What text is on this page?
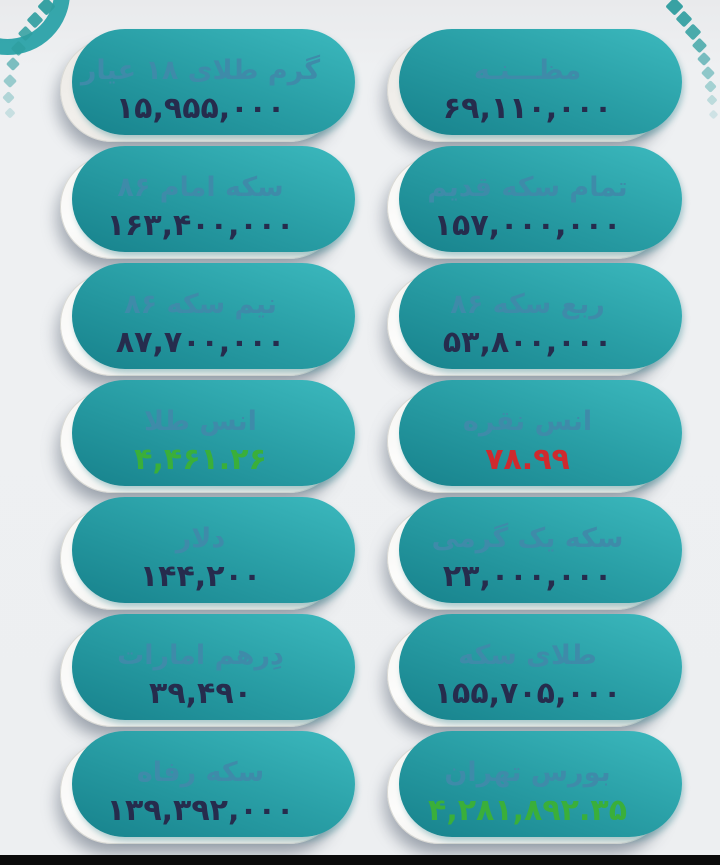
مظـــنـه
۶۹,۱۱۰,۰۰۰
گرم طلای ۱۸ عیار
۱۵,۹۵۵,۰۰۰
تمام سکه قدیم
۱۵۷,۰۰۰,۰۰۰
سکه امام ۸۶
۱۶۳,۴۰۰,۰۰۰
ربع سکه ۸۶
۵۳,۸۰۰,۰۰۰
نیم سکه ۸۶
۸۷,۷۰۰,۰۰۰
انس نقره
۷۸.۹۹
انس طلا
۴,۴۶۱.۲۶
سکه یک گرمی
۲۳,۰۰۰,۰۰۰
دلار
۱۴۴,۲۰۰
طلای سکه
۱۵۵,۷۰۵,۰۰۰
دِرهم امارات
۳۹,۴۹۰
بورس تهران
۴,۲۸۱,۸۹۲.۳۵
سکه رفاه
۱۳۹,۳۹۲,۰۰۰
